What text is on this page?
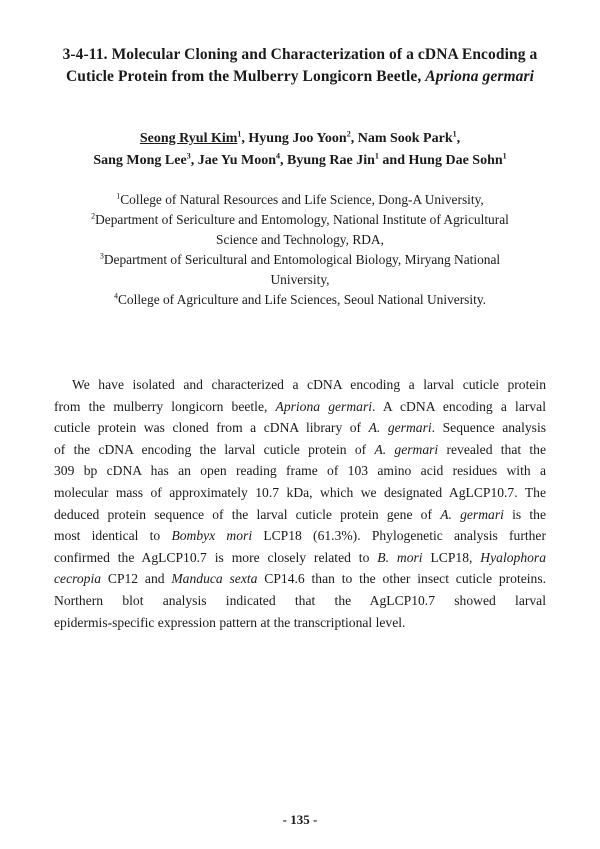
3-4-11. Molecular Cloning and Characterization of a cDNA Encoding a
Cuticle Protein from the Mulberry Longicorn Beetle, Apriona germari
Seong Ryul Kim$^1$, Hyung Joo Yoon$^2$, Nam Sook Park$^1$,
Sang Mong Lee$^3$, Jae Yu Moon$^4$, Byung Rae Jin$^1$ and Hung Dae Sohn$^1$
$^1$College of Natural Resources and Life Science, Dong-A University,
$^2$Department of Sericulture and Entomology, National Institute of Agricultural
Science and Technology, RDA,
$^3$Department of Sericultural and Entomological Biology, Miryang National
University,
$^4$College of Agriculture and Life Sciences, Seoul National University.
We have isolated and characterized a cDNA encoding a larval cuticle protein
from the mulberry longicorn beetle, Apriona germari. A cDNA encoding a larval
cuticle protein was cloned from a cDNA library of A. germari. Sequence analysis
of the cDNA encoding the larval cuticle protein of A. germari revealed that the
309 bp cDNA has an open reading frame of 103 amino acid residues with a
molecular mass of approximately 10.7 kDa, which we designated AgLCP10.7. The
deduced protein sequence of the larval cuticle protein gene of A. germari is the
most identical to Bombyx mori LCP18 (61.3%). Phylogenetic analysis further
confirmed the AgLCP10.7 is more closely related to B. mori LCP18, Hyalophora
cecropia CP12 and Manduca sexta CP14.6 than to the other insect cuticle proteins.
Northern blot analysis indicated that the AgLCP10.7 showed larval
epidermis-specific expression pattern at the transcriptional level.
- 135 -
